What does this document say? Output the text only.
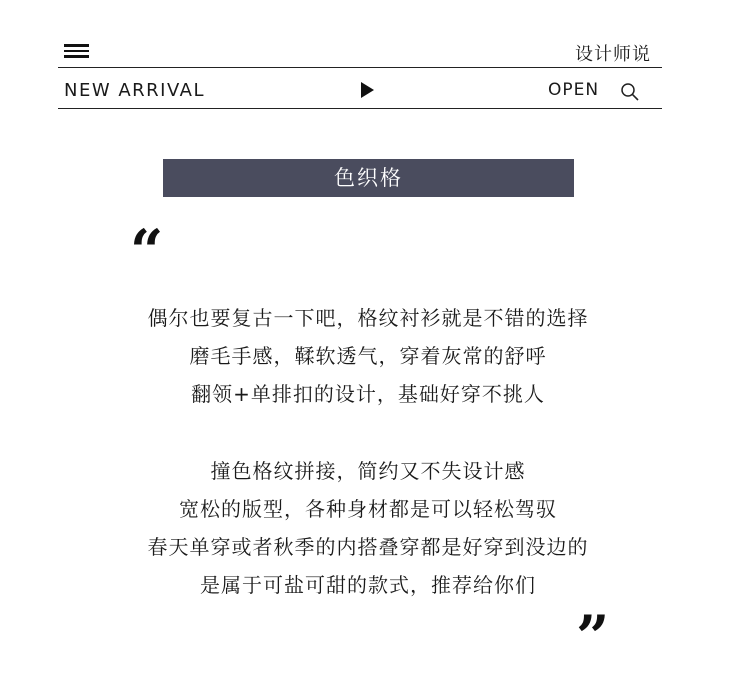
设计师说
NEW ARRIVAL	OPEN
色织格
“
偶尔也要复古一下吧，格纹衬衫就是不错的选择
磨毛手感，鞣软透气，穿着灰常的舒呼
翻领+单排扣的设计，基础好穿不挑人
撞色格纹拼接，简约又不失设计感
宽松的版型，各种身材都是可以轻松驾驭
春天单穿或者秋季的内搭叠穿都是好穿到没边的
是属于可盐可甜的款式，推荐给你们
”
